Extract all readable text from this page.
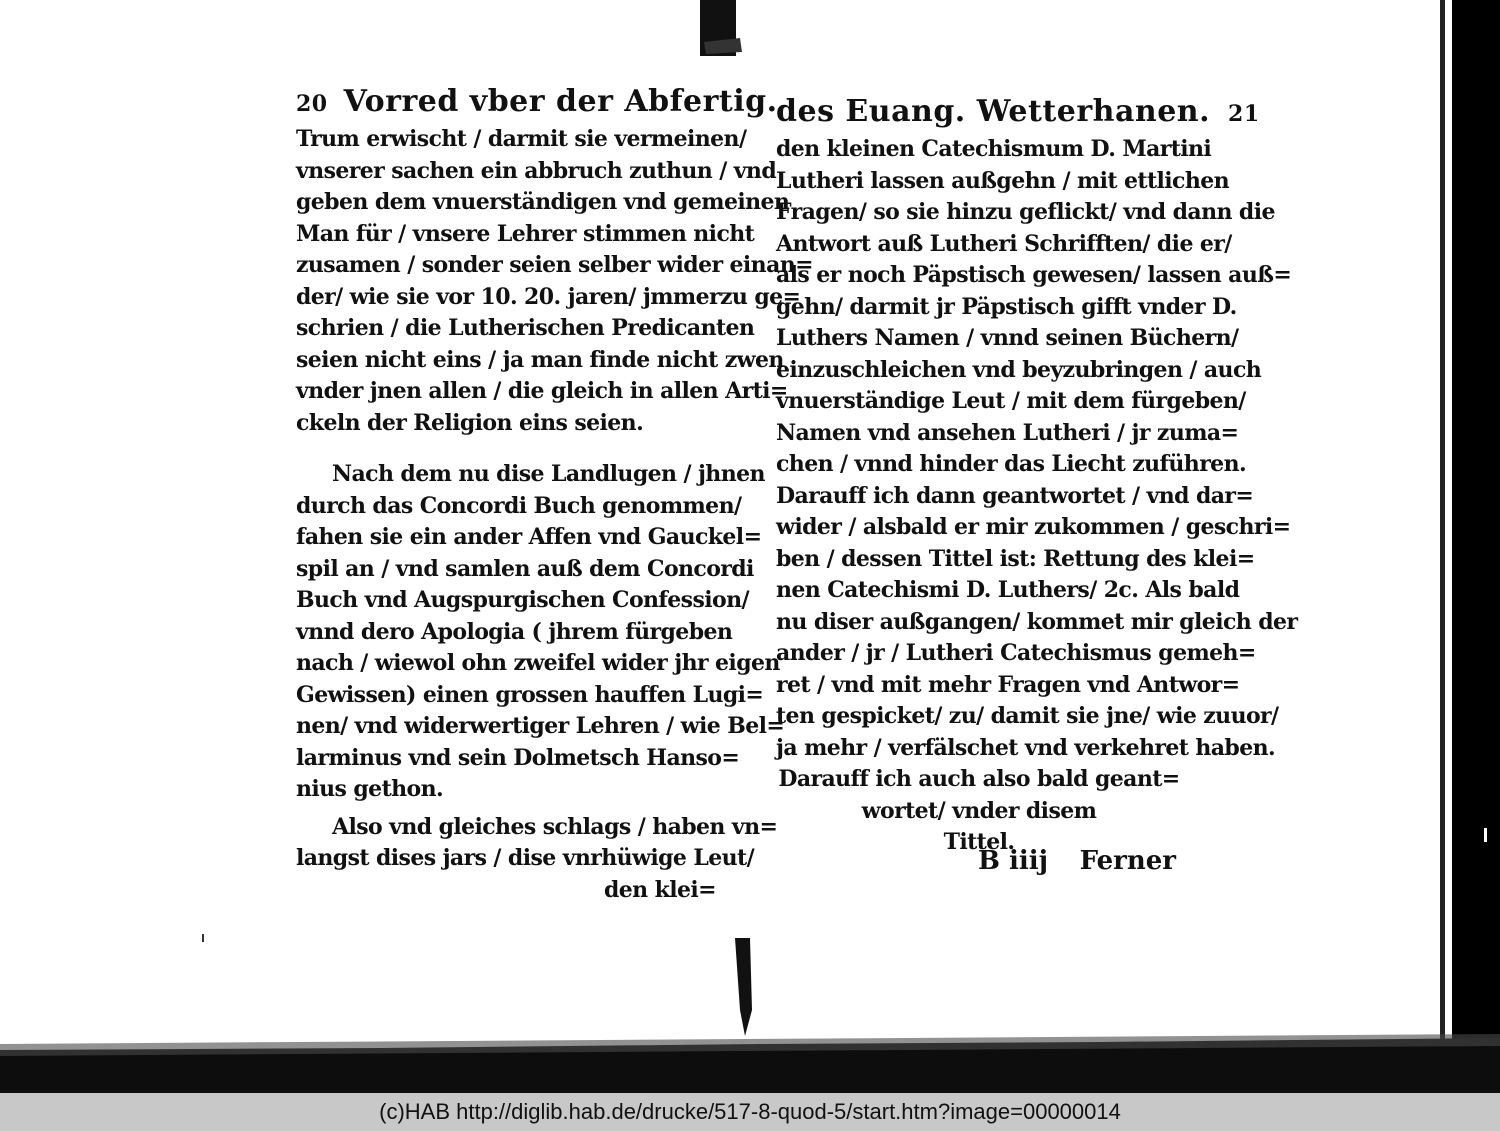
20 Vorred vber der Abfertig.
Trum erwischt / darmit sie vermeinen/
vnserer sachen ein abbruch zuthun / vnd
geben dem vnuerständigen vnd gemeinen
Man für / vnsere Lehrer stimmen nicht
zusamen / sonder seien selber wider einan=
der/ wie sie vor 10. 20. jaren/ jmmerzu ge=
schrien / die Lutherischen Predicanten
seien nicht eins / ja man finde nicht zwen
vnder jnen allen / die gleich in allen Arti=
ckeln der Religion eins seien.
Nach dem nu dise Landlugen / jhnen
durch das Concordi Buch genommen/
fahen sie ein ander Affen vnd Gauckel=
spil an / vnd samlen auß dem Concordi
Buch vnd Augspurgischen Confession/
vnnd dero Apologia ( jhrem fürgeben
nach / wiewol ohn zweifel wider jhr eigen
Gewissen) einen grossen hauffen Lugi=
nen/ vnd widerwertiger Lehren / wie Bel=
larminus vnd sein Dolmetsch Hanso=
nius gethon.
Also vnd gleiches schlags / haben vn=
langst dises jars / dise vnrhüwige Leut/
den klei=
des Euang. Wetterhanen. 21
den kleinen Catechismum D. Martini
Lutheri lassen außgehn / mit ettlichen
Fragen/ so sie hinzu geflickt/ vnd dann die
Antwort auß Lutheri Schrifften/ die er/
als er noch Päpstisch gewesen/ lassen auß=
gehn/ darmit jr Päpstisch gifft vnder D.
Luthers Namen / vnnd seinen Büchern/
einzuschleichen vnd beyzubringen / auch
vnuerständige Leut / mit dem fürgeben/
Namen vnd ansehen Lutheri / jr zuma=
chen / vnnd hinder das Liecht zuführen.
Darauff ich dann geantwortet / vnd dar=
wider / alsbald er mir zukommen / geschri=
ben / dessen Tittel ist: Rettung des klei=
nen Catechismi D. Luthers/ 2c. Als bald
nu diser außgangen/ kommet mir gleich der
ander / jr / Lutheri Catechismus gemeh=
ret / vnd mit mehr Fragen vnd Antwor=
ten gespicket/ zu/ damit sie jne/ wie zuuor/
ja mehr / verfälschet vnd verkehret haben.
Darauff ich auch also bald geant=
wortet/ vnder disem
Tittel.
B iiij Ferner
(c)HAB http://diglib.hab.de/drucke/517-8-quod-5/start.htm?image=00000014
